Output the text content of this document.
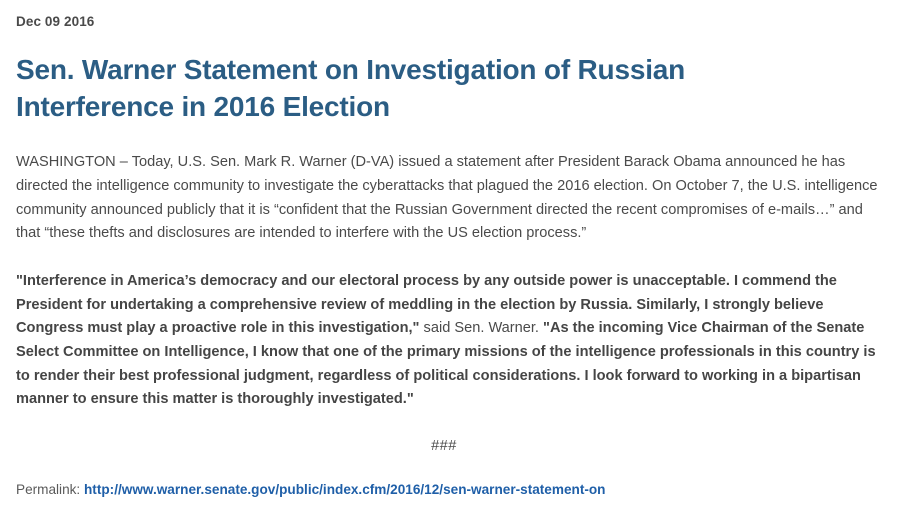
Dec 09 2016
Sen. Warner Statement on Investigation of Russian Interference in 2016 Election

WASHINGTON – Today, U.S. Sen. Mark R. Warner (D-VA) issued a statement after President Barack Obama announced he has directed the intelligence community to investigate the cyberattacks that plagued the 2016 election. On October 7, the U.S. intelligence community announced publicly that it is “confident that the Russian Government directed the recent compromises of e-mails…” and that “these thefts and disclosures are intended to interfere with the US election process.”

"Interference in America’s democracy and our electoral process by any outside power is unacceptable. I commend the President for undertaking a comprehensive review of meddling in the election by Russia. Similarly, I strongly believe Congress must play a proactive role in this investigation," said Sen. Warner. "As the incoming Vice Chairman of the Senate Select Committee on Intelligence, I know that one of the primary missions of the intelligence professionals in this country is to render their best professional judgment, regardless of political considerations. I look forward to working in a bipartisan manner to ensure this matter is thoroughly investigated."

###
Permalink: http://www.warner.senate.gov/public/index.cfm/2016/12/sen-warner-statement-on
